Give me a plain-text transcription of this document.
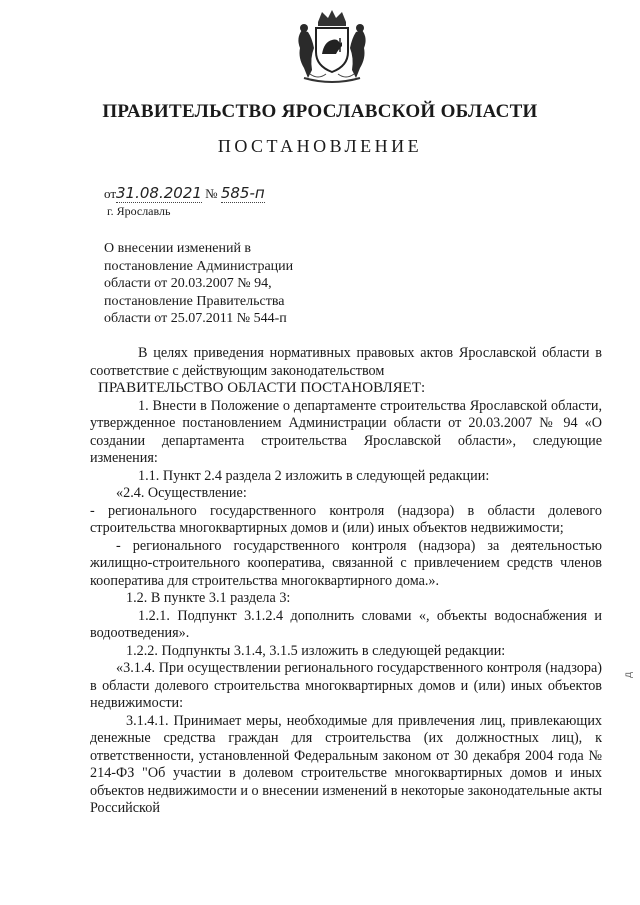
ПРАВИТЕЛЬСТВО ЯРОСЛАВСКОЙ ОБЛАСТИ
ПОСТАНОВЛЕНИЕ
от31.08.2021 № 585-п
г. Ярославль
О внесении изменений в
постановление Администрации
области от 20.03.2007 № 94,
постановление Правительства
области от 25.07.2011 № 544-п
В целях приведения нормативных правовых актов Ярославской области в соответствие с действующим законодательством
ПРАВИТЕЛЬСТВО ОБЛАСТИ ПОСТАНОВЛЯЕТ:
1. Внести в Положение о департаменте строительства Ярославской области, утвержденное постановлением Администрации области от 20.03.2007 № 94 «О создании департамента строительства Ярославской области», следующие изменения:
1.1. Пункт 2.4 раздела 2 изложить в следующей редакции:
«2.4. Осуществление:
- регионального государственного контроля (надзора) в области долевого строительства многоквартирных домов и (или) иных объектов недвижимости;
- регионального государственного контроля (надзора) за деятельностью жилищно-строительного кооператива, связанной с привлечением средств членов кооператива для строительства многоквартирного дома.».
1.2. В пункте 3.1 раздела 3:
1.2.1. Подпункт 3.1.2.4 дополнить словами «, объекты водоснабжения и водоотведения».
1.2.2. Подпункты 3.1.4, 3.1.5 изложить в следующей редакции:
«3.1.4. При осуществлении регионального государственного контроля (надзора) в области долевого строительства многоквартирных домов и (или) иных объектов недвижимости:
3.1.4.1. Принимает меры, необходимые для привлечения лиц, привлекающих денежные средства граждан для строительства (их должностных лиц), к ответственности, установленной Федеральным законом от 30 декабря 2004 года № 214-ФЗ "Об участии в долевом строительстве многоквартирных домов и иных объектов недвижимости и о внесении изменений в некоторые законодательные акты Российской
д
